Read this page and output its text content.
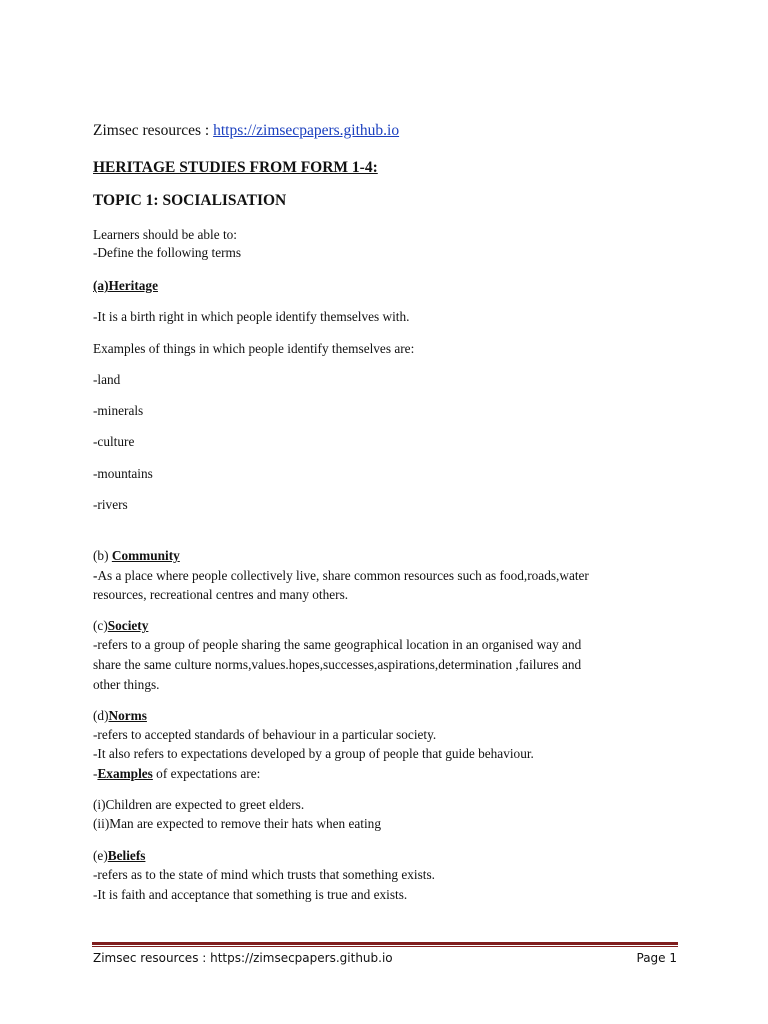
Zimsec resources : https://zimsecpapers.github.io
HERITAGE STUDIES FROM FORM 1-4:
TOPIC 1: SOCIALISATION
Learners should be able to:
-Define the following terms
(a)Heritage
-It is a birth right in which people identify themselves with.
Examples of things in which people identify themselves are:
-land
-minerals
-culture
-mountains
-rivers
(b) Community
-As a place where people collectively live, share common resources such as food,roads,water
resources, recreational centres and many others.
(c)Society
-refers to a group of people sharing the same geographical location in an organised way and
share the same culture norms,values.hopes,successes,aspirations,determination ,failures and
other things.
(d)Norms
-refers to accepted standards of behaviour in a particular society.
-It also refers to expectations developed by a group of people that guide behaviour.
-Examples of expectations are:
(i)Children are expected to greet elders.
(ii)Man are expected to remove their hats when eating
(e)Beliefs
-refers as to the state of mind which trusts that something exists.
-It is faith and acceptance that something is true and exists.
Zimsec resources : https://zimsecpapers.github.io	Page 1
